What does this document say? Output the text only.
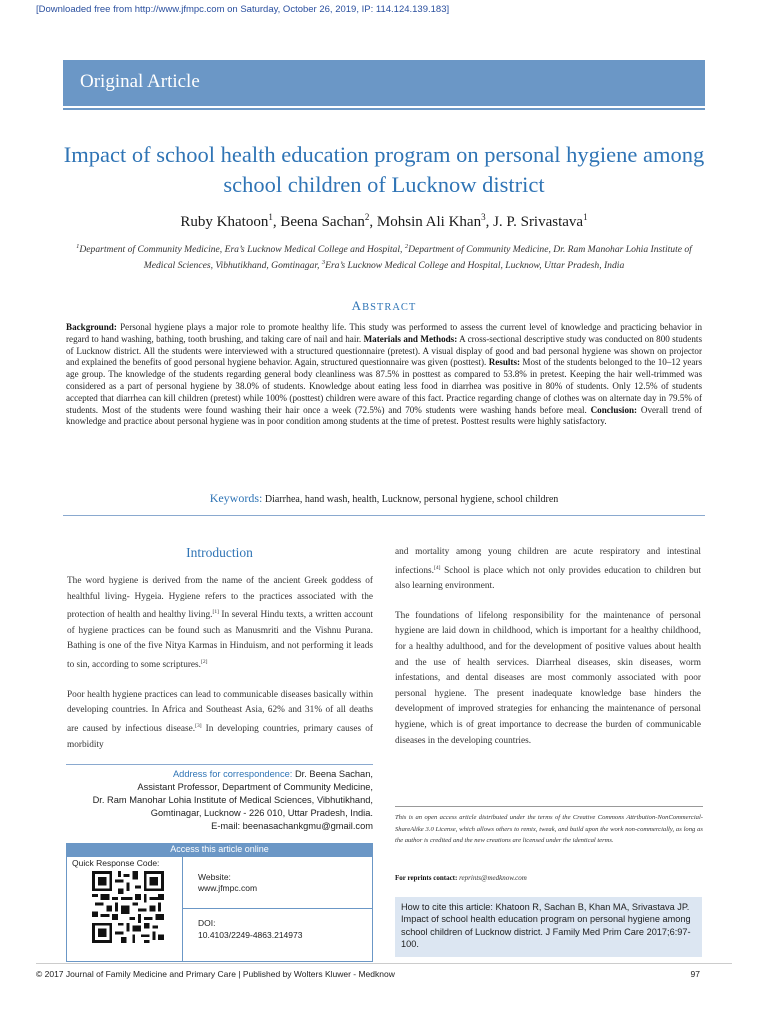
[Downloaded free from http://www.jfmpc.com on Saturday, October 26, 2019, IP: 114.124.139.183]
Original Article
Impact of school health education program on personal hygiene among school children of Lucknow district
Ruby Khatoon$^1$, Beena Sachan$^2$, Mohsin Ali Khan$^3$, J. P. Srivastava$^1$
$^1$Department of Community Medicine, Era’s Lucknow Medical College and Hospital, $^2$Department of Community Medicine, Dr. Ram Manohar Lohia Institute of Medical Sciences, Vibhutikhand, Gomtinagar, $^3$Era’s Lucknow Medical College and Hospital, Lucknow, Uttar Pradesh, India
ABSTRACT
Background: Personal hygiene plays a major role to promote healthy life. This study was performed to assess the current level of knowledge and practicing behavior in regard to hand washing, bathing, tooth brushing, and taking care of nail and hair. Materials and Methods: A cross-sectional descriptive study was conducted on 800 students of Lucknow district. All the students were interviewed with a structured questionnaire (pretest). A visual display of good and bad personal hygiene was shown on projector and explained the benefits of good personal hygiene behavior. Again, structured questionnaire was given (posttest). Results: Most of the students belonged to the 10–12 years age group. The knowledge of the students regarding general body cleanliness was 87.5% in posttest as compared to 53.8% in pretest. Keeping the hair well-trimmed was considered as a part of personal hygiene by 38.0% of students. Knowledge about eating less food in diarrhea was positive in 80% of students. Only 12.5% of students accepted that diarrhea can kill children (pretest) while 100% (posttest) children were aware of this fact. Practice regarding change of clothes was on alternate day in 79.5% of students. Most of the students were found washing their hair once a week (72.5%) and 70% students were washing hands before meal. Conclusion: Overall trend of knowledge and practice about personal hygiene was in poor condition among students at the time of pretest. Posttest results were highly satisfactory.
Keywords: Diarrhea, hand wash, health, Lucknow, personal hygiene, school children
Introduction

The word hygiene is derived from the name of the ancient Greek goddess of healthful living- Hygeia. Hygiene refers to the practices associated with the protection of health and healthy living.[1] In several Hindu texts, a written account of hygiene practices can be found such as Manusmriti and the Vishnu Purana. Bathing is one of the five Nitya Karmas in Hinduism, and not performing it leads to sin, according to some scriptures.[2]

Poor health hygiene practices can lead to communicable diseases basically within developing countries. In Africa and Southeast Asia, 62% and 31% of all deaths are caused by infectious disease.[3] In developing countries, primary causes of morbidity

and mortality among young children are acute respiratory and intestinal infections.[4] School is place which not only provides education to children but also learning environment.

The foundations of lifelong responsibility for the maintenance of personal hygiene are laid down in childhood, which is important for a healthy childhood, for a healthy adulthood, and for the development of positive values about health and the use of health services. Diarrheal diseases, skin diseases, worm infestations, and dental diseases are most commonly associated with poor personal hygiene. The present inadequate knowledge base hinders the development of improved strategies for enhancing the maintenance of personal hygiene, which is of great importance to decrease the burden of communicable diseases in the developing countries.

Address for correspondence: Dr. Beena Sachan,
Assistant Professor, Department of Community Medicine,
Dr. Ram Manohar Lohia Institute of Medical Sciences, Vibhutikhand,
Gomtinagar, Lucknow - 226 010, Uttar Pradesh, India.
E-mail: beenasachankgmu@gmail.com
Access this article online
Quick Response Code:
Website:
www.jfmpc.com
DOI:
10.4103/2249-4863.214973
This is an open access article distributed under the terms of the Creative Commons Attribution-NonCommercial-ShareAlike 3.0 License, which allows others to remix, tweak, and build upon the work non-commercially, as long as the author is credited and the new creations are licensed under the identical terms.
For reprints contact: reprints@medknow.com
How to cite this article: Khatoon R, Sachan B, Khan MA, Srivastava JP. Impact of school health education program on personal hygiene among school children of Lucknow district. J Family Med Prim Care 2017;6:97-100.
© 2017 Journal of Family Medicine and Primary Care | Published by Wolters Kluwer - Medknow	97
